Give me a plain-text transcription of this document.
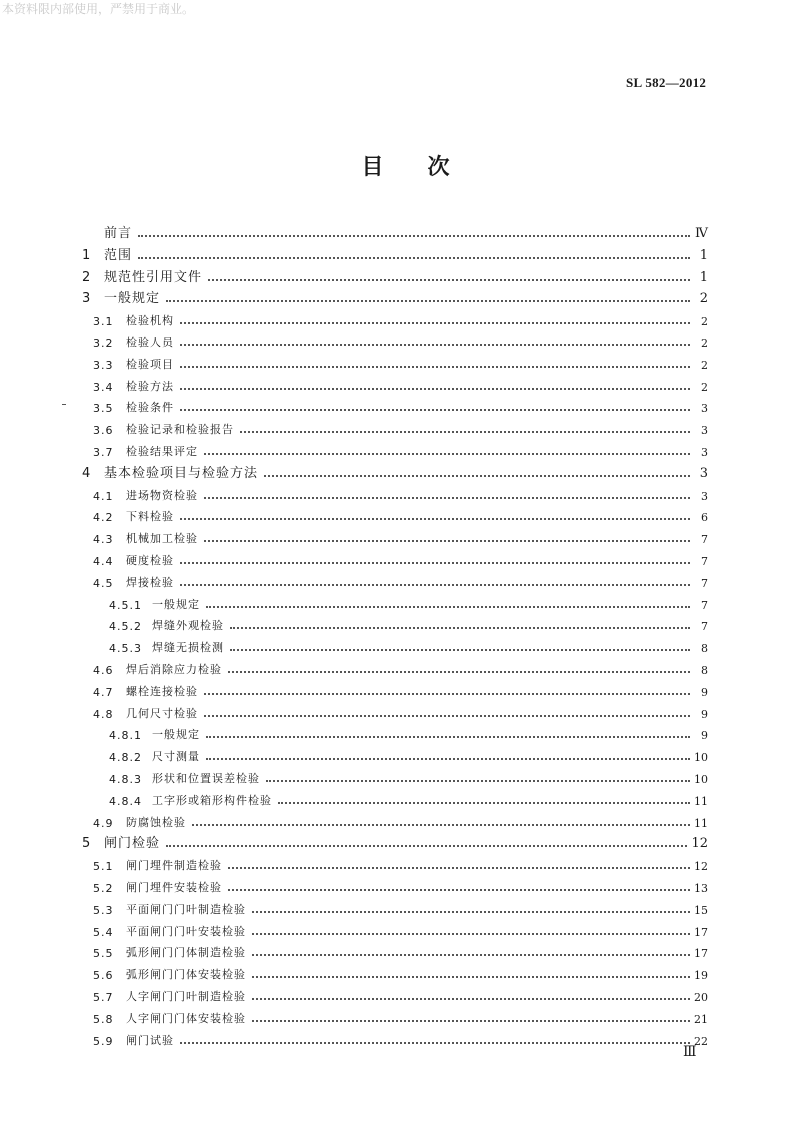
本资料限内部使用，严禁用于商业。
SL 582—2012
目 次
前言	Ⅳ
1	范围	1
2	规范性引用文件	1
3	一般规定	2
3.1	检验机构	2
3.2	检验人员	2
3.3	检验项目	2
3.4	检验方法	2
3.5	检验条件	3
3.6	检验记录和检验报告	3
3.7	检验结果评定	3
4	基本检验项目与检验方法	3
4.1	进场物资检验	3
4.2	下料检验	6
4.3	机械加工检验	7
4.4	硬度检验	7
4.5	焊接检验	7
4.5.1 一般规定	7
4.5.2 焊缝外观检验	7
4.5.3 焊缝无损检测	8
4.6	焊后消除应力检验	8
4.7	螺栓连接检验	9
4.8	几何尺寸检验	9
4.8.1 一般规定	9
4.8.2 尺寸测量	10
4.8.3 形状和位置误差检验	10
4.8.4 工字形或箱形构件检验	11
4.9	防腐蚀检验	11
5	闸门检验	12
5.1	闸门埋件制造检验	12
5.2	闸门埋件安装检验	13
5.3	平面闸门门叶制造检验	15
5.4	平面闸门门叶安装检验	17
5.5	弧形闸门门体制造检验	17
5.6	弧形闸门门体安装检验	19
5.7	人字闸门门叶制造检验	20
5.8	人字闸门门体安装检验	21
5.9	闸门试验	22
Ⅲ
